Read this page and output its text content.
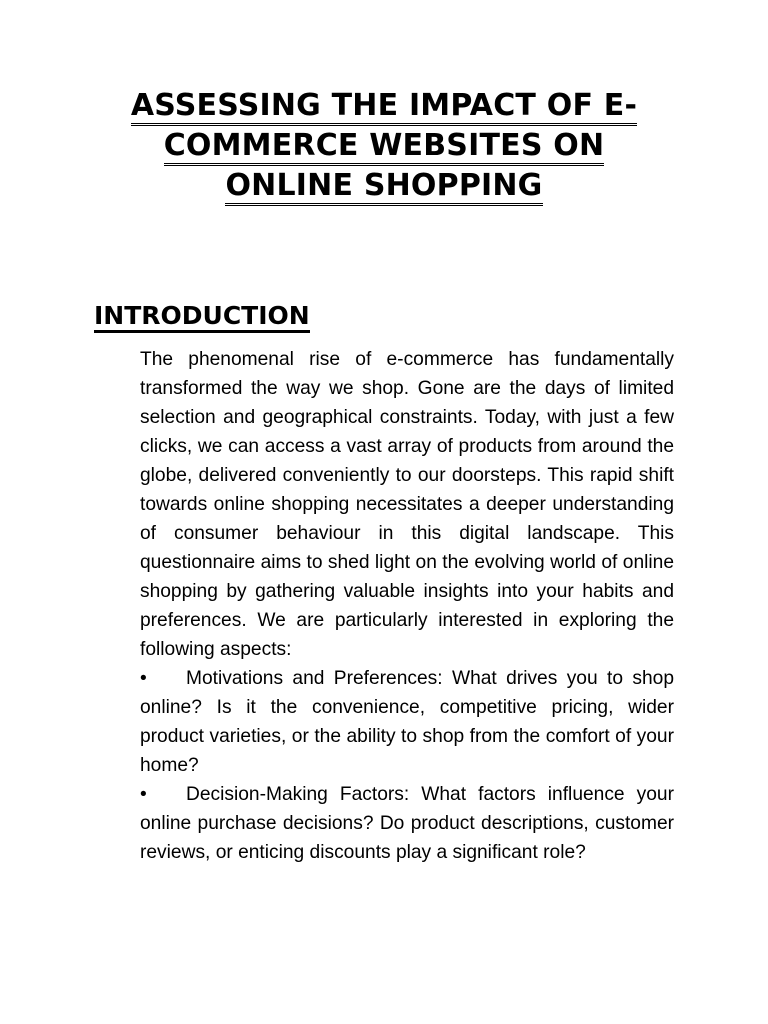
ASSESSING THE IMPACT OF E-
COMMERCE WEBSITES ON
ONLINE SHOPPING
INTRODUCTION

The phenomenal rise of e-commerce has fundamentally transformed the way we shop. Gone are the days of limited selection and geographical constraints. Today, with just a few clicks, we can access a vast array of products from around the globe, delivered conveniently to our doorsteps. This rapid shift towards online shopping necessitates a deeper understanding of consumer behaviour in this digital landscape. This questionnaire aims to shed light on the evolving world of online shopping by gathering valuable insights into your habits and preferences. We are particularly interested in exploring the following aspects:

•	Motivations and Preferences: What drives you to shop online? Is it the convenience, competitive pricing, wider product varieties, or the ability to shop from the comfort of your home?
•	Decision-Making Factors: What factors influence your online purchase decisions? Do product descriptions, customer reviews, or enticing discounts play a significant role?
